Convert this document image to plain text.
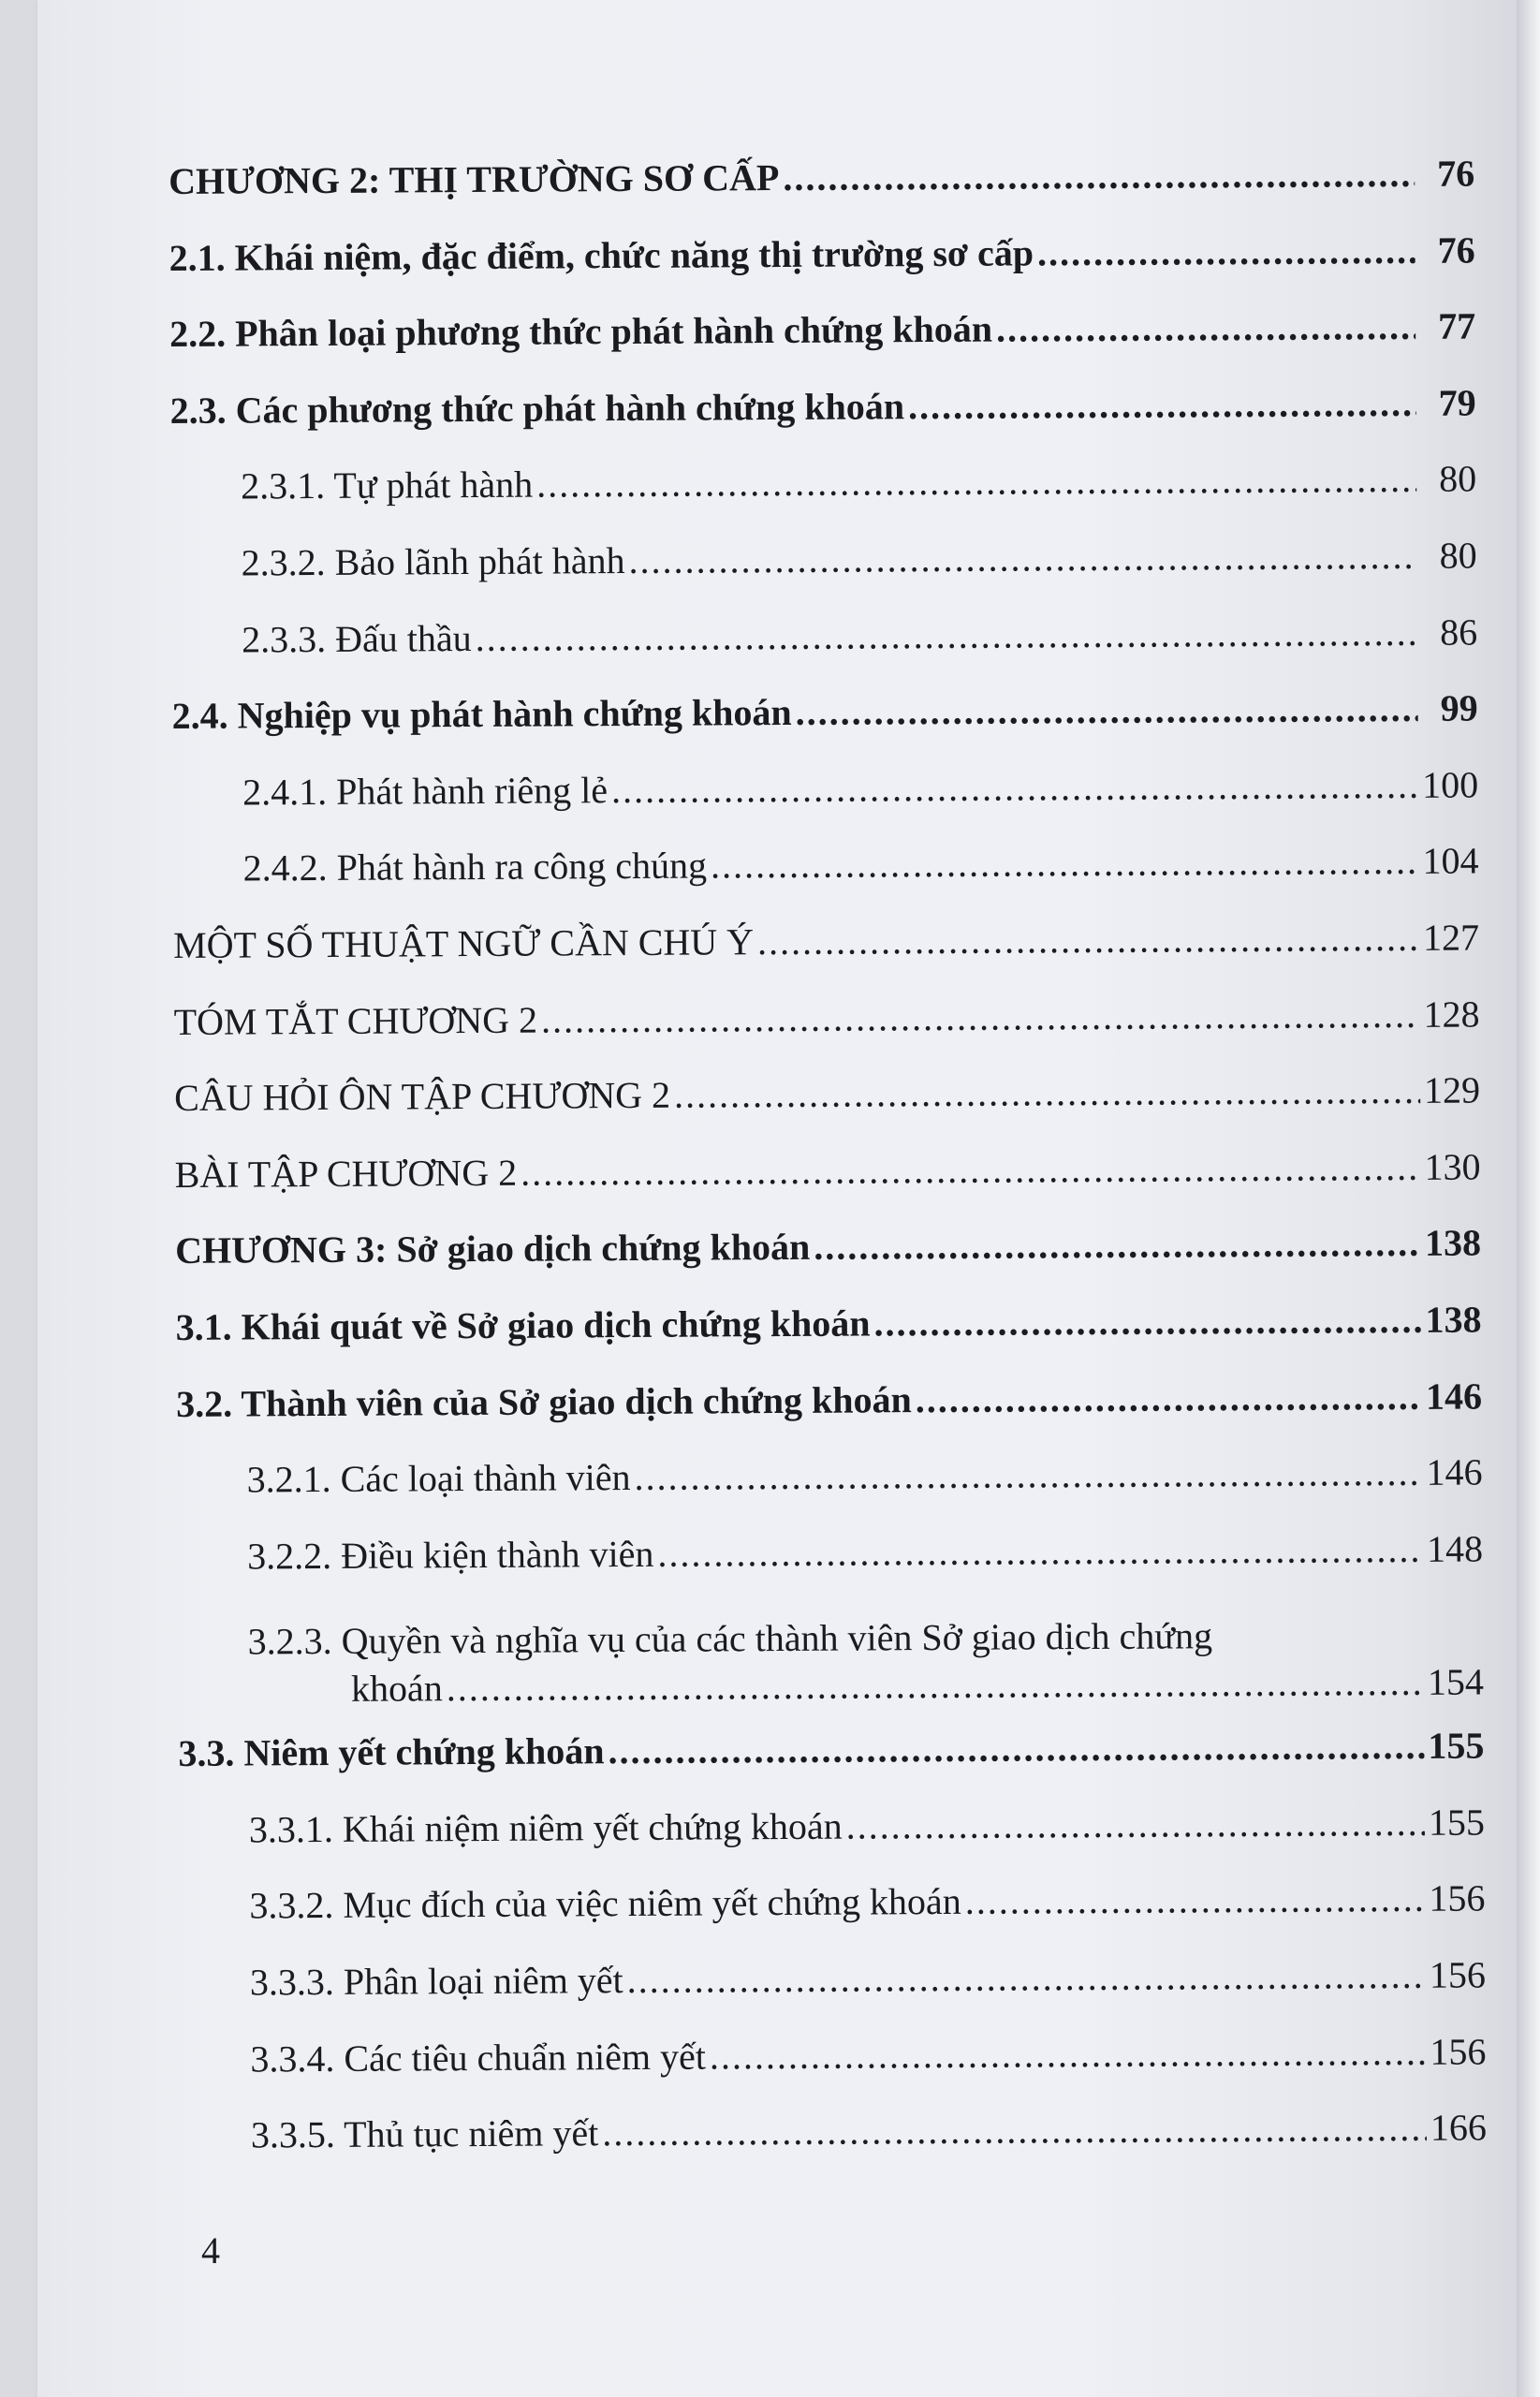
CHƯƠNG 2: THỊ TRƯỜNG SƠ CẤP .....	76
2.1. Khái niệm, đặc điểm, chức năng thị trường sơ cấp .....	76
2.2. Phân loại phương thức phát hành chứng khoán .....	77
2.3. Các phương thức phát hành chứng khoán .....	79
2.3.1. Tự phát hành .....	80
2.3.2. Bảo lãnh phát hành .....	80
2.3.3. Đấu thầu .....	86
2.4. Nghiệp vụ phát hành chứng khoán .....	99
2.4.1. Phát hành riêng lẻ .....	100
2.4.2. Phát hành ra công chúng .....	104
MỘT SỐ THUẬT NGỮ CẦN CHÚ Ý .....	127
TÓM TẮT CHƯƠNG 2 .....	128
CÂU HỎI ÔN TẬP CHƯƠNG 2 .....	129
BÀI TẬP CHƯƠNG 2 .....	130
CHƯƠNG 3: Sở giao dịch chứng khoán .....	138
3.1. Khái quát về Sở giao dịch chứng khoán .....	138
3.2. Thành viên của Sở giao dịch chứng khoán .....	146
3.2.1. Các loại thành viên .....	146
3.2.2. Điều kiện thành viên .....	148
3.2.3. Quyền và nghĩa vụ của các thành viên Sở giao dịch chứng
khoán .....	154
3.3. Niêm yết chứng khoán .....	155
3.3.1. Khái niệm niêm yết chứng khoán .....	155
3.3.2. Mục đích của việc niêm yết chứng khoán .....	156
3.3.3. Phân loại niêm yết .....	156
3.3.4. Các tiêu chuẩn niêm yết .....	156
3.3.5. Thủ tục niêm yết .....	166
4
